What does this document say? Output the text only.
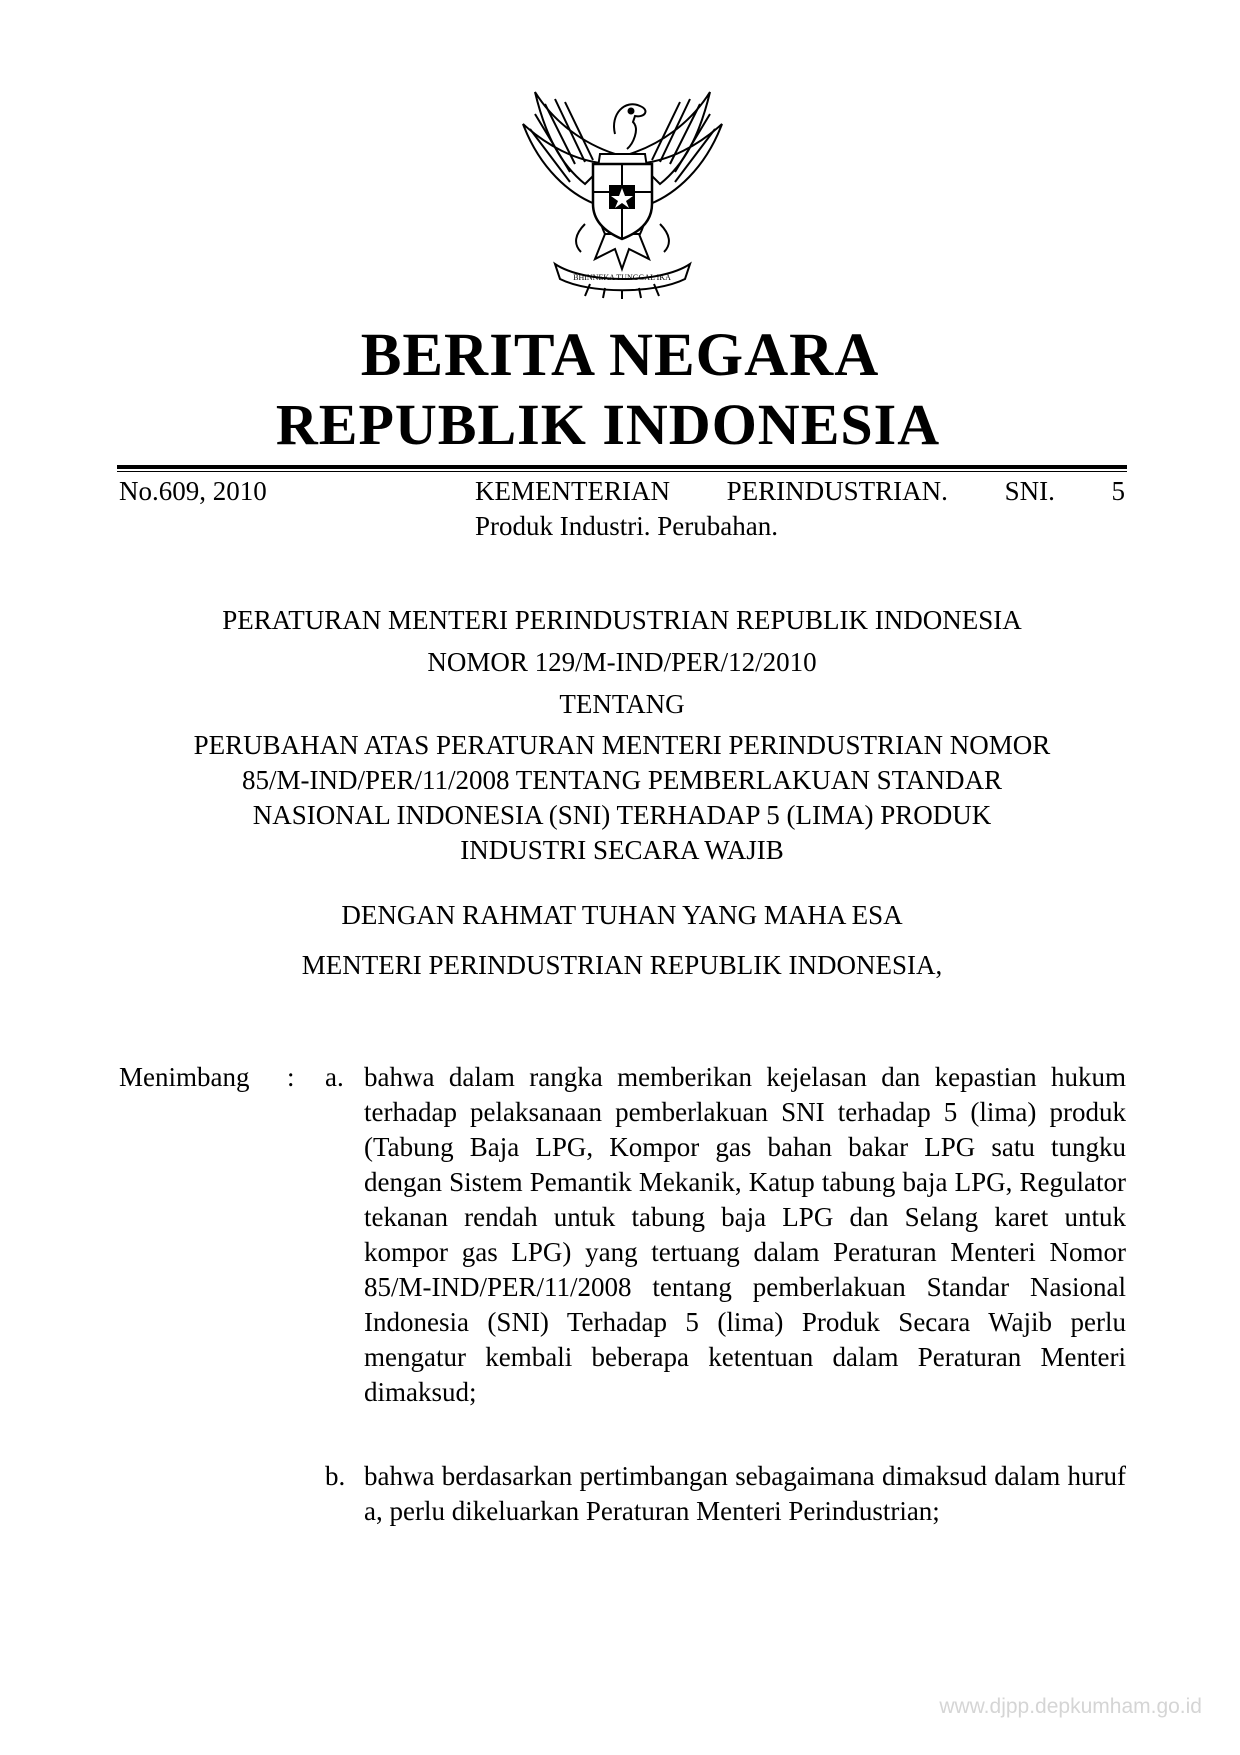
BHINNEKA TUNGGAL IKA
BERITA NEGARA
REPUBLIK INDONESIA
No.609, 2010	KEMENTERIAN PERINDUSTRIAN. SNI. 5
Produk Industri. Perubahan.
PERATURAN MENTERI PERINDUSTRIAN REPUBLIK INDONESIA
NOMOR 129/M-IND/PER/12/2010
TENTANG
PERUBAHAN ATAS PERATURAN MENTERI PERINDUSTRIAN NOMOR
85/M-IND/PER/11/2008 TENTANG PEMBERLAKUAN STANDAR
NASIONAL INDONESIA (SNI) TERHADAP 5 (LIMA) PRODUK
INDUSTRI SECARA WAJIB
DENGAN RAHMAT TUHAN YANG MAHA ESA
MENTERI PERINDUSTRIAN REPUBLIK INDONESIA,
Menimbang : a. bahwa dalam rangka memberikan kejelasan dan kepastian hukum terhadap pelaksanaan pemberlakuan SNI terhadap 5 (lima) produk (Tabung Baja LPG, Kompor gas bahan bakar LPG satu tungku dengan Sistem Pemantik Mekanik, Katup tabung baja LPG, Regulator tekanan rendah untuk tabung baja LPG dan Selang karet untuk kompor gas LPG) yang tertuang dalam Peraturan Menteri Nomor 85/M-IND/PER/11/2008 tentang pemberlakuan Standar Nasional Indonesia (SNI) Terhadap 5 (lima) Produk Secara Wajib perlu mengatur kembali beberapa ketentuan dalam Peraturan Menteri dimaksud;
b. bahwa berdasarkan pertimbangan sebagaimana dimaksud dalam huruf a, perlu dikeluarkan Peraturan Menteri Perindustrian;
www.djpp.depkumham.go.id
